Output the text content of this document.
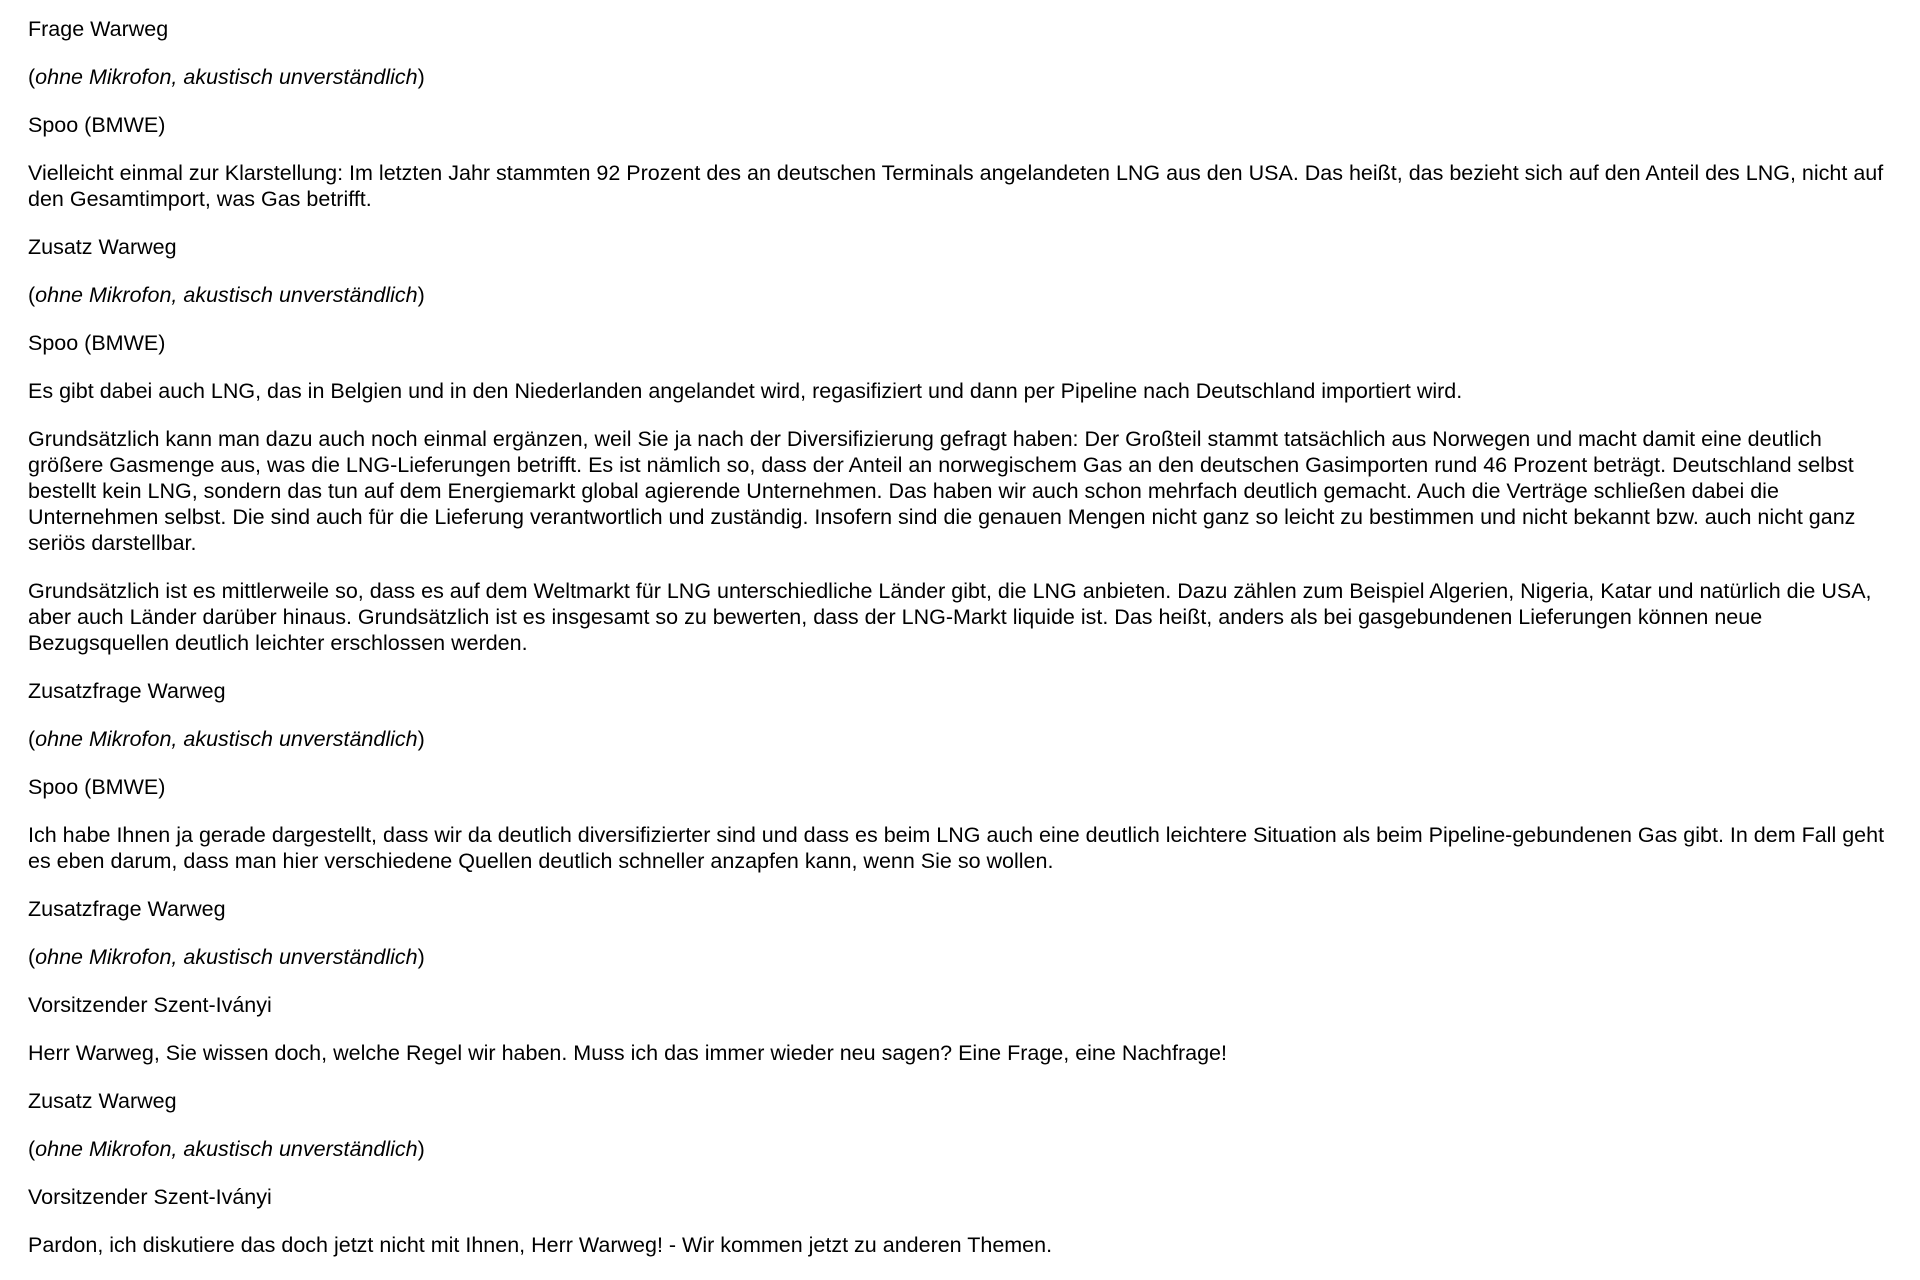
Frage Warweg

(ohne Mikrofon, akustisch unverständlich)

Spoo (BMWE)

Vielleicht einmal zur Klarstellung: Im letzten Jahr stammten 92 Prozent des an deutschen Terminals angelandeten LNG aus den USA. Das heißt, das bezieht sich auf den Anteil des LNG, nicht auf den Gesamtimport, was Gas betrifft.

Zusatz Warweg

(ohne Mikrofon, akustisch unverständlich)

Spoo (BMWE)

Es gibt dabei auch LNG, das in Belgien und in den Niederlanden angelandet wird, regasifiziert und dann per Pipeline nach Deutschland importiert wird.

Grundsätzlich kann man dazu auch noch einmal ergänzen, weil Sie ja nach der Diversifizierung gefragt haben: Der Großteil stammt tatsächlich aus Norwegen und macht damit eine deutlich größere Gasmenge aus, was die LNG-Lieferungen betrifft. Es ist nämlich so, dass der Anteil an norwegischem Gas an den deutschen Gasimporten rund 46 Prozent beträgt. Deutschland selbst bestellt kein LNG, sondern das tun auf dem Energiemarkt global agierende Unternehmen. Das haben wir auch schon mehrfach deutlich gemacht. Auch die Verträge schließen dabei die Unternehmen selbst. Die sind auch für die Lieferung verantwortlich und zuständig. Insofern sind die genauen Mengen nicht ganz so leicht zu bestimmen und nicht bekannt bzw. auch nicht ganz seriös darstellbar.

Grundsätzlich ist es mittlerweile so, dass es auf dem Weltmarkt für LNG unterschiedliche Länder gibt, die LNG anbieten. Dazu zählen zum Beispiel Algerien, Nigeria, Katar und natürlich die USA, aber auch Länder darüber hinaus. Grundsätzlich ist es insgesamt so zu bewerten, dass der LNG-Markt liquide ist. Das heißt, anders als bei gasgebundenen Lieferungen können neue Bezugsquellen deutlich leichter erschlossen werden.

Zusatzfrage Warweg

(ohne Mikrofon, akustisch unverständlich)

Spoo (BMWE)

Ich habe Ihnen ja gerade dargestellt, dass wir da deutlich diversifizierter sind und dass es beim LNG auch eine deutlich leichtere Situation als beim Pipeline-gebundenen Gas gibt. In dem Fall geht es eben darum, dass man hier verschiedene Quellen deutlich schneller anzapfen kann, wenn Sie so wollen.

Zusatzfrage Warweg

(ohne Mikrofon, akustisch unverständlich)

Vorsitzender Szent-Iványi

Herr Warweg, Sie wissen doch, welche Regel wir haben. Muss ich das immer wieder neu sagen? Eine Frage, eine Nachfrage!

Zusatz Warweg

(ohne Mikrofon, akustisch unverständlich)

Vorsitzender Szent-Iványi

Pardon, ich diskutiere das doch jetzt nicht mit Ihnen, Herr Warweg! - Wir kommen jetzt zu anderen Themen.
